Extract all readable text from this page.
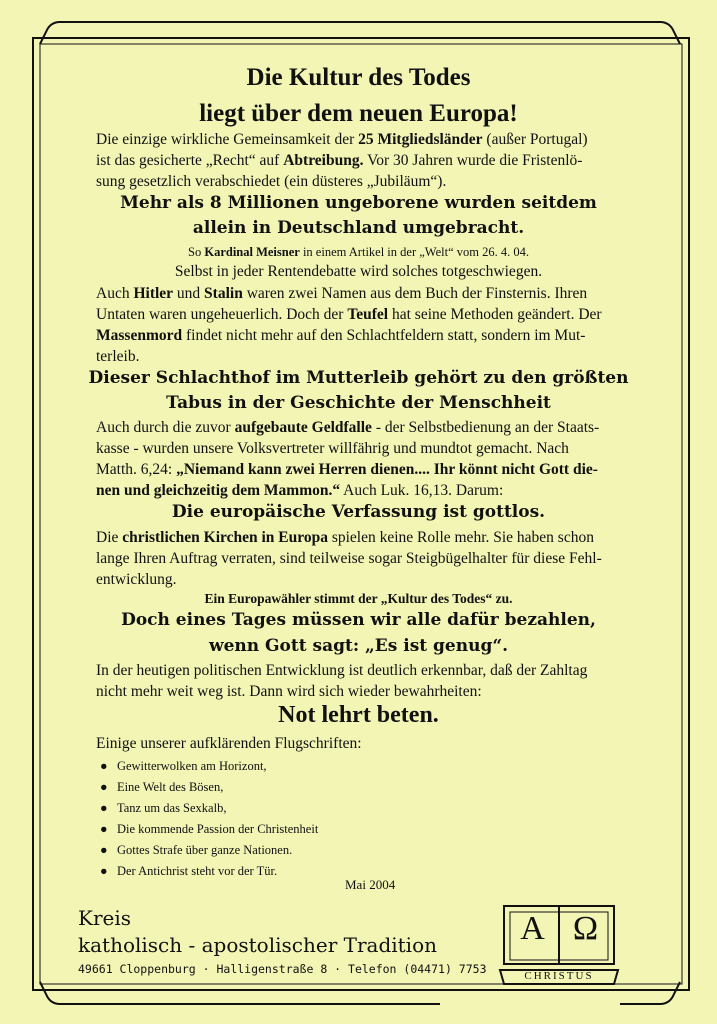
Die Kultur des Todes
liegt über dem neuen Europa!
Die einzige wirkliche Gemeinsamkeit der 25 Mitgliedsländer (außer Portugal)
ist das gesicherte „Recht“ auf Abtreibung. Vor 30 Jahren wurde die Fristenlö-
sung gesetzlich verabschiedet (ein düsteres „Jubiläum“).
Mehr als 8 Millionen ungeborene wurden seitdem
allein in Deutschland umgebracht.
So Kardinal Meisner in einem Artikel in der „Welt“ vom 26. 4. 04.
Selbst in jeder Rentendebatte wird solches totgeschwiegen.
Auch Hitler und Stalin waren zwei Namen aus dem Buch der Finsternis. Ihren
Untaten waren ungeheuerlich. Doch der Teufel hat seine Methoden geändert. Der
Massenmord findet nicht mehr auf den Schlachtfeldern statt, sondern im Mut-
terleib.
Dieser Schlachthof im Mutterleib gehört zu den größten
Tabus in der Geschichte der Menschheit
Auch durch die zuvor aufgebaute Geldfalle - der Selbstbedienung an der Staats-
kasse - wurden unsere Volksvertreter willfährig und mundtot gemacht. Nach
Matth. 6,24: „Niemand kann zwei Herren dienen.... Ihr könnt nicht Gott die-
nen und gleichzeitig dem Mammon.“ Auch Luk. 16,13. Darum:
Die europäische Verfassung ist gottlos.
Die christlichen Kirchen in Europa spielen keine Rolle mehr. Sie haben schon
lange Ihren Auftrag verraten, sind teilweise sogar Steigbügelhalter für diese Fehl-
entwicklung.
Ein Europawähler stimmt der „Kultur des Todes“ zu.
Doch eines Tages müssen wir alle dafür bezahlen,
wenn Gott sagt: „Es ist genug“.
In der heutigen politischen Entwicklung ist deutlich erkennbar, daß der Zahltag
nicht mehr weit weg ist. Dann wird sich wieder bewahrheiten:
Not lehrt beten.
Einige unserer aufklärenden Flugschriften:
●   Gewitterwolken am Horizont,
●   Eine Welt des Bösen,
●   Tanz um das Sexkalb,
●   Die kommende Passion der Christenheit
●   Gottes Strafe über ganze Nationen.
●   Der Antichrist steht vor der Tür.
Mai 2004
Kreis
katholisch - apostolischer Tradition
49661 Cloppenburg · Halligenstraße 8 · Telefon (04471) 7753
A Ω
CHRISTUS
